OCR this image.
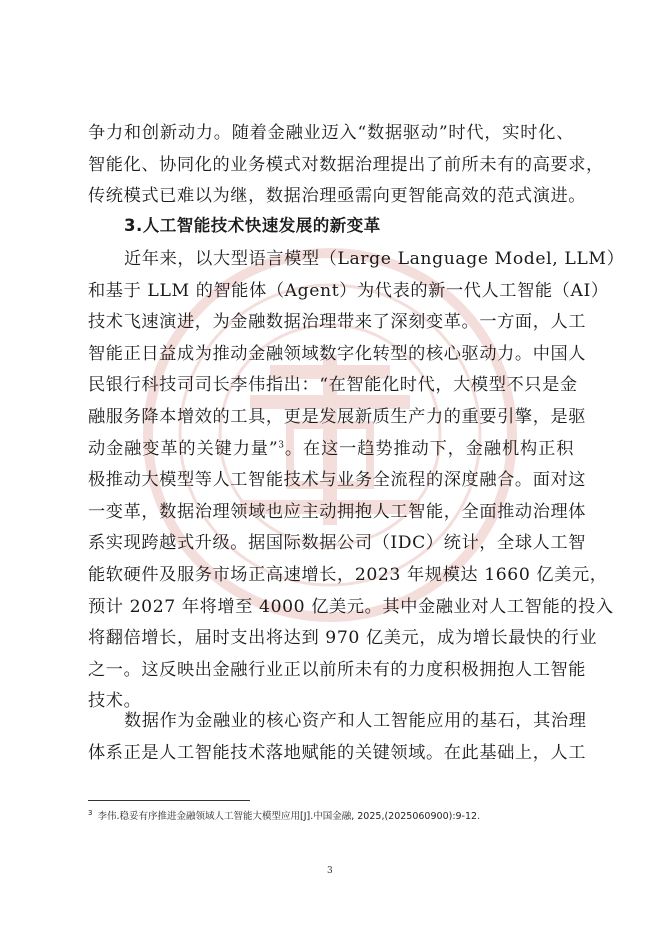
争力和创新动力。随着金融业迈入“数据驱动”时代，实时化、
智能化、协同化的业务模式对数据治理提出了前所未有的高要求，
传统模式已难以为继，数据治理亟需向更智能高效的范式演进。
3.人工智能技术快速发展的新变革
近年来，以大型语言模型（Large Language Model, LLM）
和基于 LLM 的智能体（Agent）为代表的新一代人工智能（AI）
技术飞速演进，为金融数据治理带来了深刻变革。一方面，人工
智能正日益成为推动金融领域数字化转型的核心驱动力。中国人
民银行科技司司长李伟指出：“在智能化时代，大模型不只是金
融服务降本增效的工具，更是发展新质生产力的重要引擎，是驱
动金融变革的关键力量”$^3$。在这一趋势推动下，金融机构正积
极推动大模型等人工智能技术与业务全流程的深度融合。面对这
一变革，数据治理领域也应主动拥抱人工智能，全面推动治理体
系实现跨越式升级。据国际数据公司（IDC）统计，全球人工智
能软硬件及服务市场正高速增长，2023 年规模达 1660 亿美元，
预计 2027 年将增至 4000 亿美元。其中金融业对人工智能的投入
将翻倍增长，届时支出将达到 970 亿美元，成为增长最快的行业
之一。这反映出金融行业正以前所未有的力度积极拥抱人工智能
技术。
数据作为金融业的核心资产和人工智能应用的基石，其治理
体系正是人工智能技术落地赋能的关键领域。在此基础上，人工
$^3$ 李伟.稳妥有序推进金融领域人工智能大模型应用[J].中国金融, 2025,(2025060900):9-12.
3
